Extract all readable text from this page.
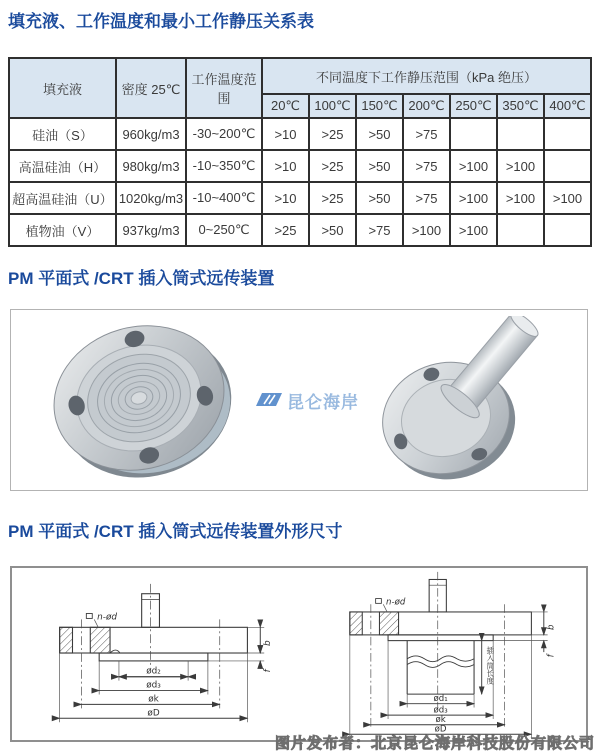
填充液、工作温度和最小工作静压关系表
填充液	密度 25℃	工作温度范围	不同温度下工作静压范围（kPa 绝压）						
			20℃	100℃	150℃	200℃	250℃	350℃	400℃
硅油（S）	960kg/m3	-30~200℃	>10	>25	>50	>75			
高温硅油（H）	980kg/m3	-10~350℃	>10	>25	>50	>75	>100	>100	
超高温硅油（U）	1020kg/m3	-10~400℃	>10	>25	>50	>75	>100	>100	>100
植物油（V）	937kg/m3	0~250℃	>25	>50	>75	>100	>100		
PM 平面式 /CRT 插入筒式远传装置
昆仑海岸
PM 平面式 /CRT 插入筒式远传装置外形尺寸
n-ød
ød₂
ød₃
øk
øD
b
f
n-ød
ød₁
ød₃
øk
øD
b
f
插入筒长度
图片发布者：北京昆仑海岸科技股份有限公司
